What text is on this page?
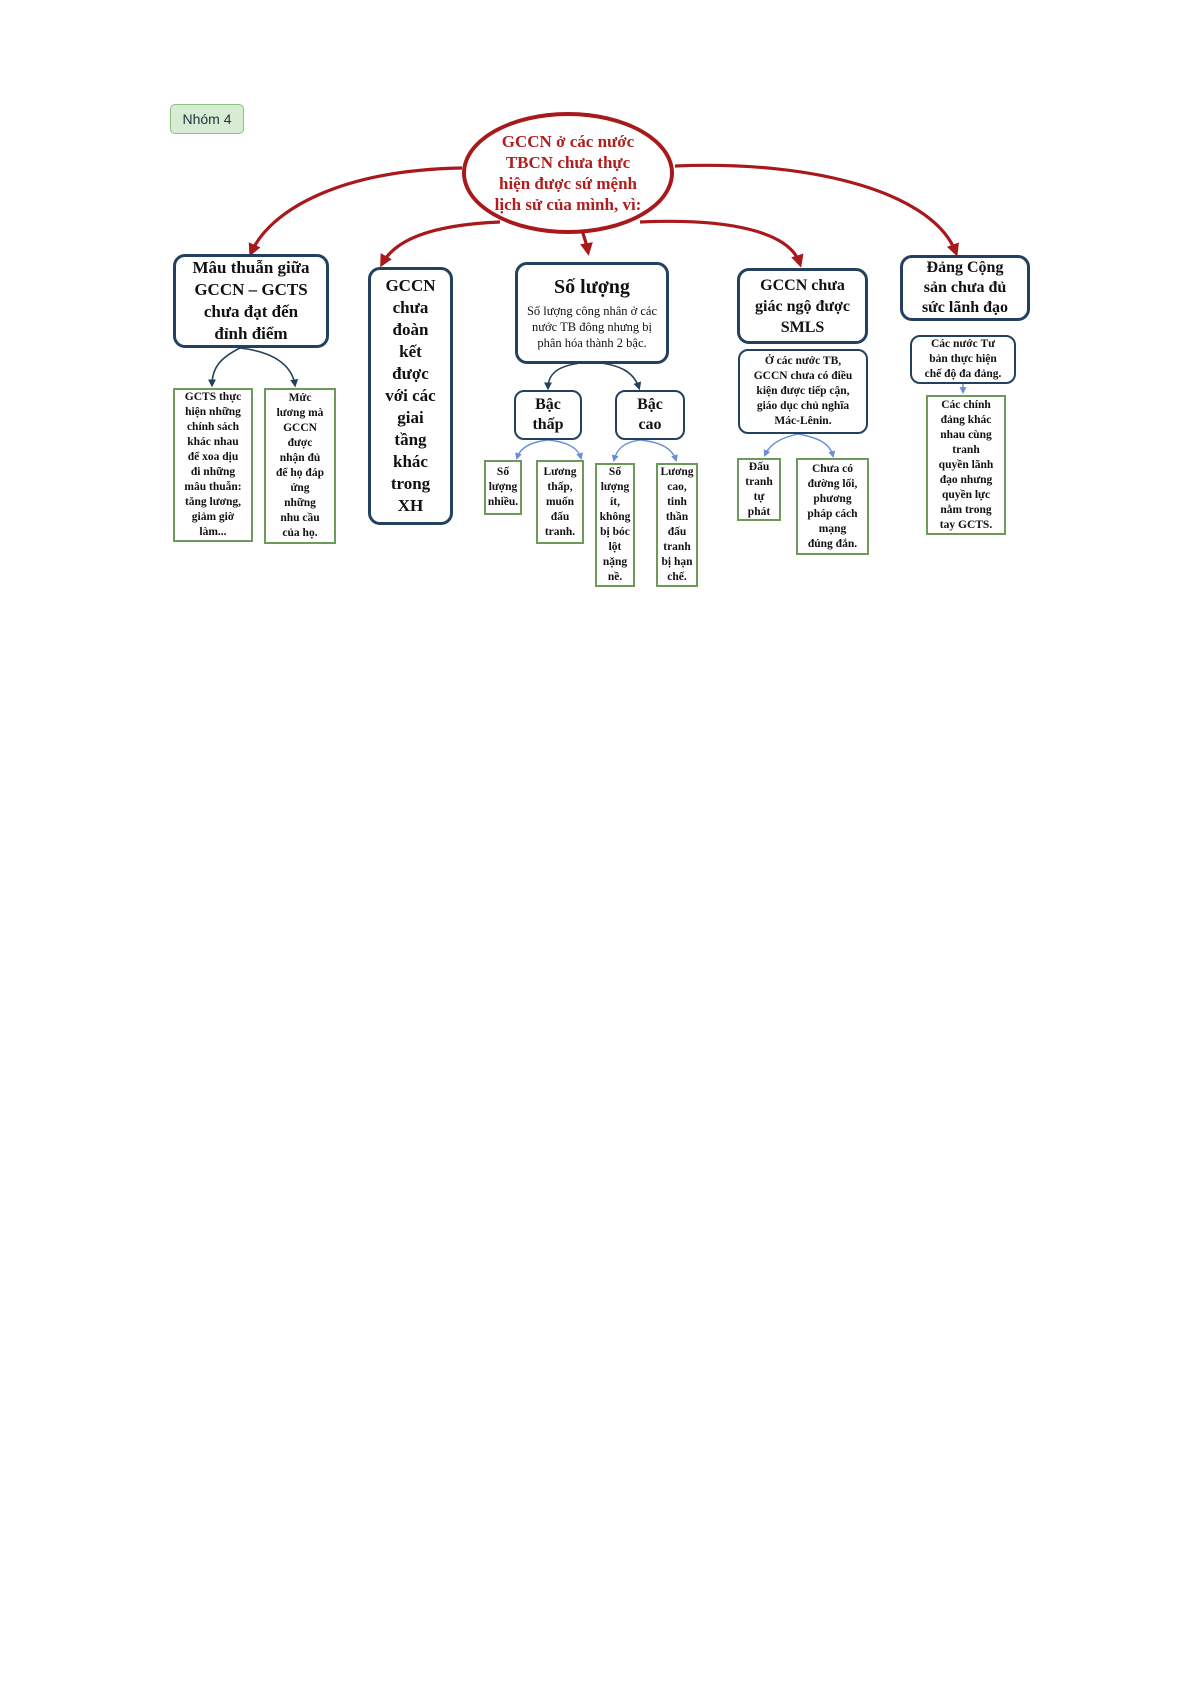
Nhóm 4
GCCN ở các nước
TBCN chưa thực
hiện được sứ mệnh
lịch sử của mình, vì:
Mâu thuẫn giữa
GCCN – GCTS
chưa đạt đến
đỉnh điểm
GCTS thực
hiện những
chính sách
khác nhau
để xoa dịu
đi những
mâu thuẫn:
tăng lương,
giảm giờ
làm...
Mức
lương mà
GCCN
được
nhận đủ
để họ đáp
ứng
những
nhu cầu
của họ.
GCCN
chưa
đoàn
kết
được
với các
giai
tầng
khác
trong
XH
Số lượng
Số lượng công nhân ở các
nước TB đông nhưng bị
phân hóa thành 2 bậc.
Bậc
thấp
Bậc
cao
Số
lượng
nhiều.
Lương
thấp,
muốn
đấu
tranh.
Số
lượng
ít,
không
bị bóc
lột
nặng
nề.
Lương
cao,
tinh
thần
đấu
tranh
bị hạn
chế.
GCCN chưa
giác ngộ được
SMLS
Ở các nước TB,
GCCN chưa có điều
kiện được tiếp cận,
giáo dục chủ nghĩa
Mác-Lênin.
Đấu
tranh
tự
phát
Chưa có
đường lối,
phương
pháp cách
mạng
đúng đắn.
Đảng Cộng
sản chưa đủ
sức lãnh đạo
Các nước Tư
bản thực hiện
chế độ đa đảng.
Các chính
đảng khác
nhau cùng
tranh
quyền lãnh
đạo nhưng
quyền lực
nằm trong
tay GCTS.
